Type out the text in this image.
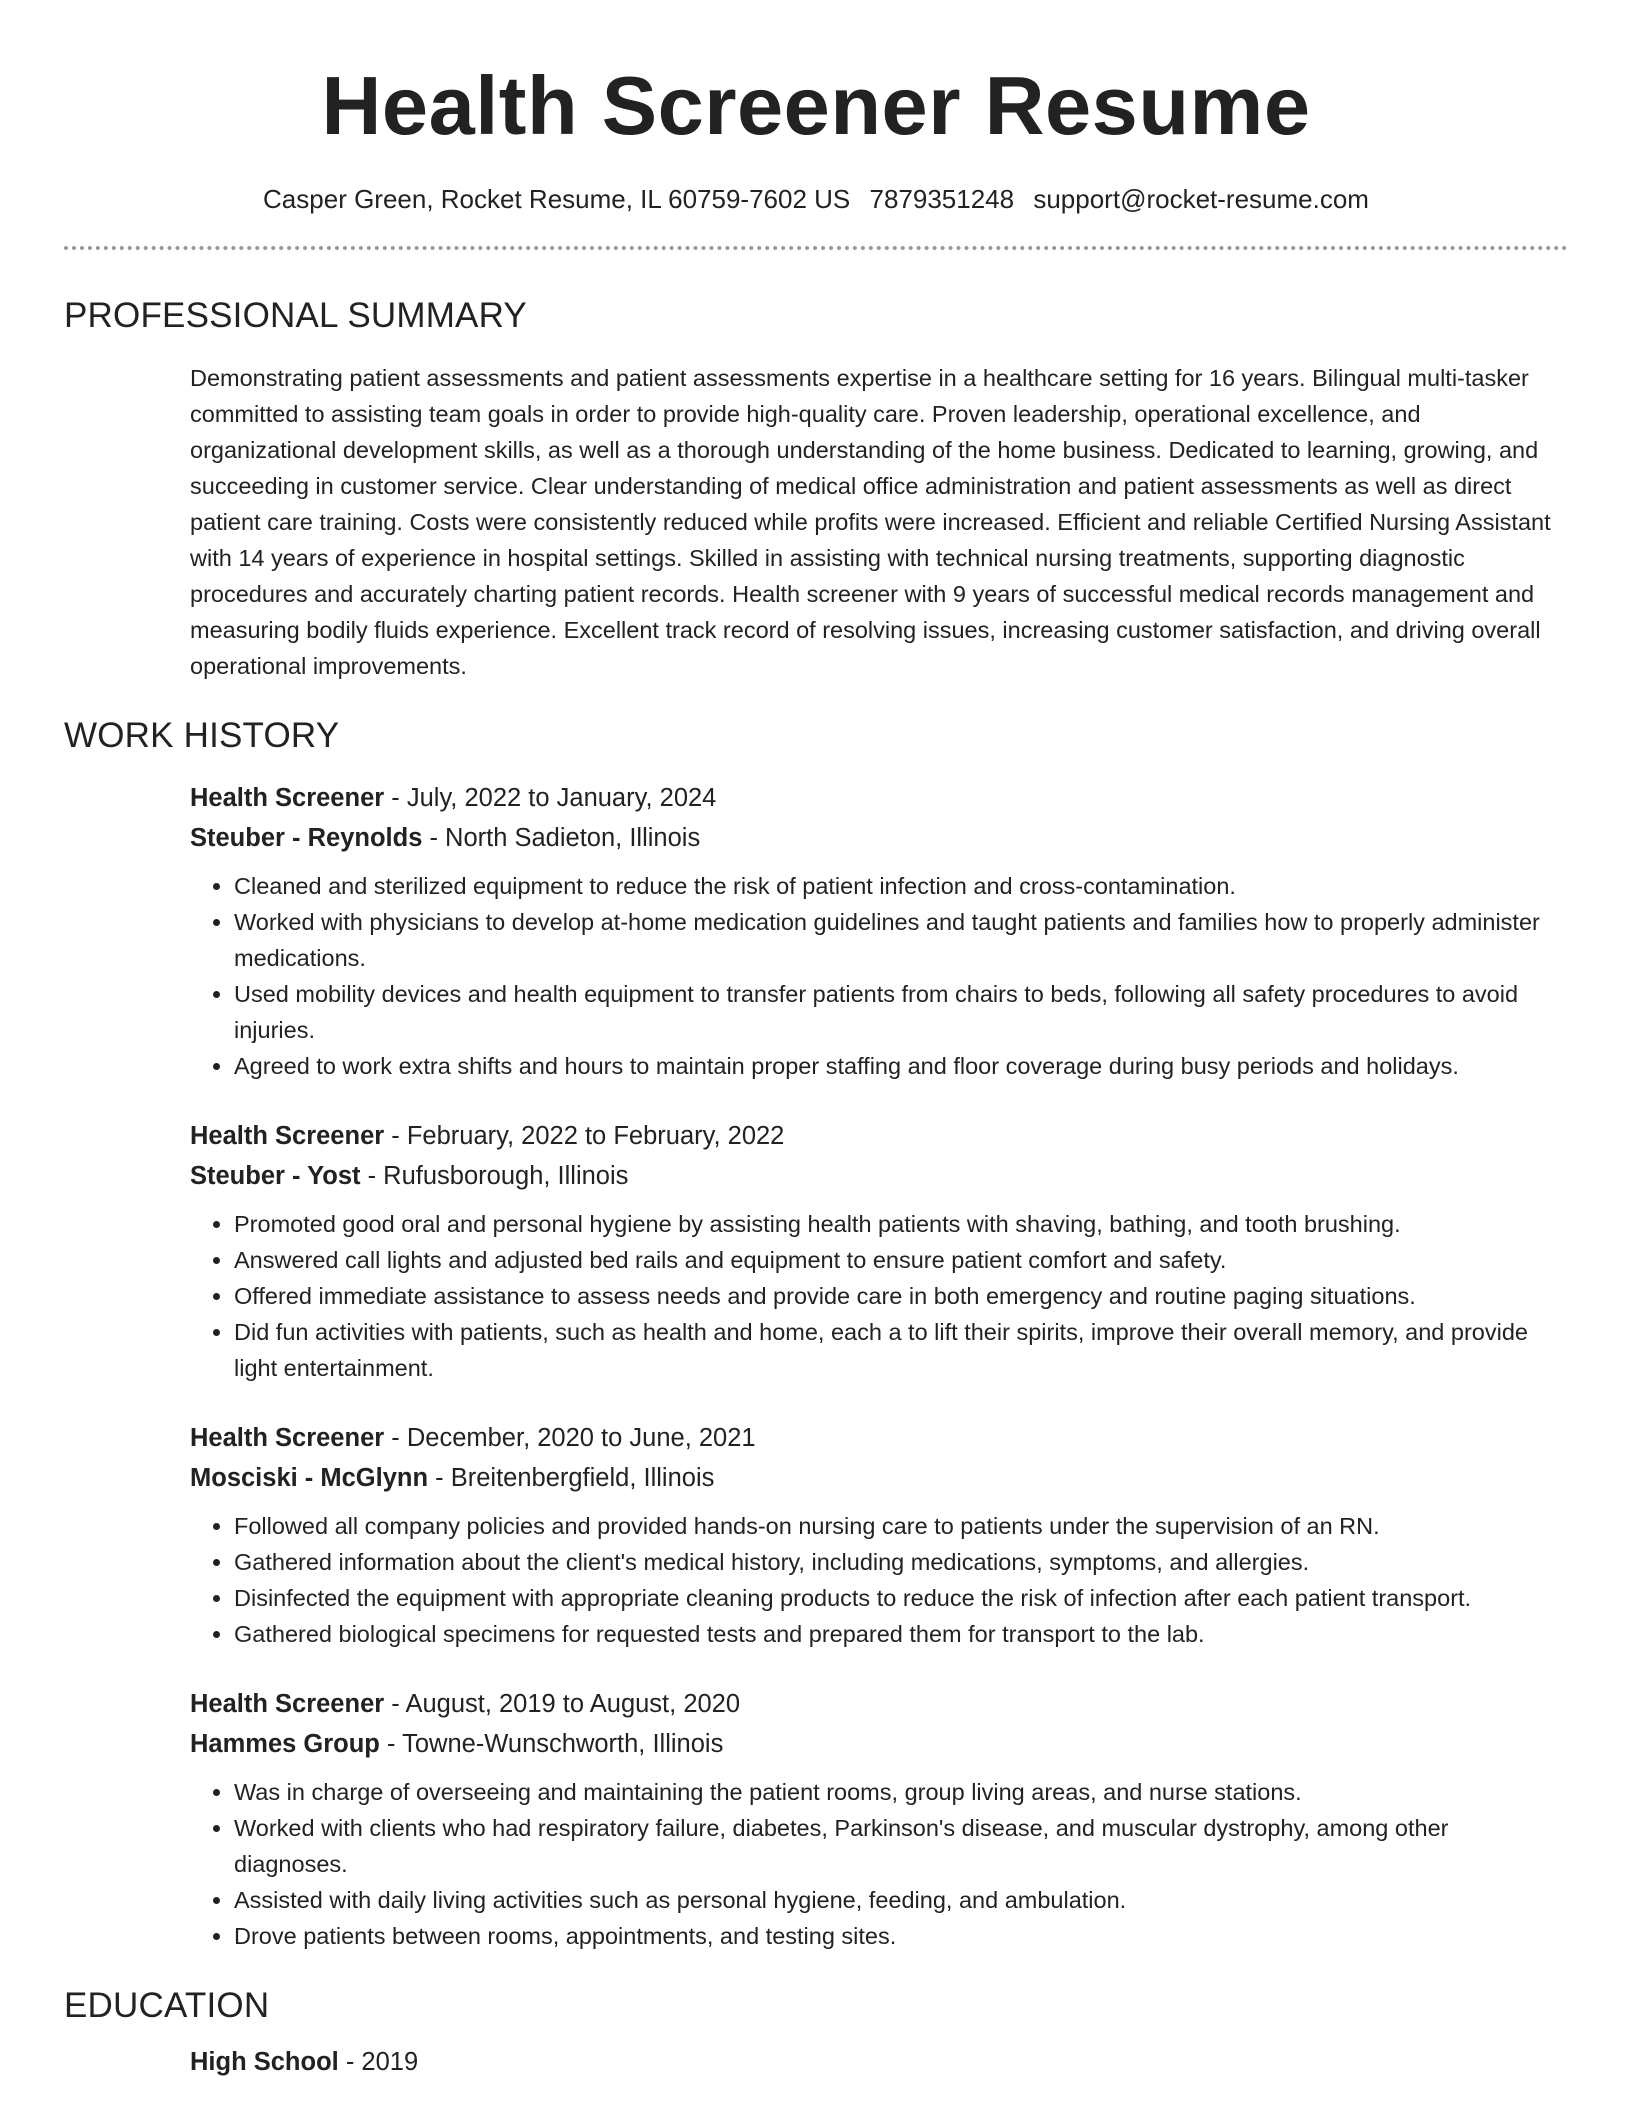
Health Screener Resume
Casper Green, Rocket Resume, IL 60759-7602 US 7879351248 support@rocket-resume.com
PROFESSIONAL SUMMARY

Demonstrating patient assessments and patient assessments expertise in a healthcare setting for 16 years. Bilingual multi-tasker committed to assisting team goals in order to provide high-quality care. Proven leadership, operational excellence, and organizational development skills, as well as a thorough understanding of the home business. Dedicated to learning, growing, and succeeding in customer service. Clear understanding of medical office administration and patient assessments as well as direct patient care training. Costs were consistently reduced while profits were increased. Efficient and reliable Certified Nursing Assistant with 14 years of experience in hospital settings. Skilled in assisting with technical nursing treatments, supporting diagnostic procedures and accurately charting patient records. Health screener with 9 years of successful medical records management and measuring bodily fluids experience. Excellent track record of resolving issues, increasing customer satisfaction, and driving overall operational improvements.

WORK HISTORY
Health Screener - July, 2022 to January, 2024
Steuber - Reynolds - North Sadieton, Illinois
• Cleaned and sterilized equipment to reduce the risk of patient infection and cross-contamination.
• Worked with physicians to develop at-home medication guidelines and taught patients and families how to properly administer medications.
• Used mobility devices and health equipment to transfer patients from chairs to beds, following all safety procedures to avoid injuries.
• Agreed to work extra shifts and hours to maintain proper staffing and floor coverage during busy periods and holidays.
Health Screener - February, 2022 to February, 2022
Steuber - Yost - Rufusborough, Illinois
• Promoted good oral and personal hygiene by assisting health patients with shaving, bathing, and tooth brushing.
• Answered call lights and adjusted bed rails and equipment to ensure patient comfort and safety.
• Offered immediate assistance to assess needs and provide care in both emergency and routine paging situations.
• Did fun activities with patients, such as health and home, each a to lift their spirits, improve their overall memory, and provide light entertainment.
Health Screener - December, 2020 to June, 2021
Mosciski - McGlynn - Breitenbergfield, Illinois
• Followed all company policies and provided hands-on nursing care to patients under the supervision of an RN.
• Gathered information about the client's medical history, including medications, symptoms, and allergies.
• Disinfected the equipment with appropriate cleaning products to reduce the risk of infection after each patient transport.
• Gathered biological specimens for requested tests and prepared them for transport to the lab.
Health Screener - August, 2019 to August, 2020
Hammes Group - Towne-Wunschworth, Illinois
• Was in charge of overseeing and maintaining the patient rooms, group living areas, and nurse stations.
• Worked with clients who had respiratory failure, diabetes, Parkinson's disease, and muscular dystrophy, among other diagnoses.
• Assisted with daily living activities such as personal hygiene, feeding, and ambulation.
• Drove patients between rooms, appointments, and testing sites.
EDUCATION
High School - 2019
